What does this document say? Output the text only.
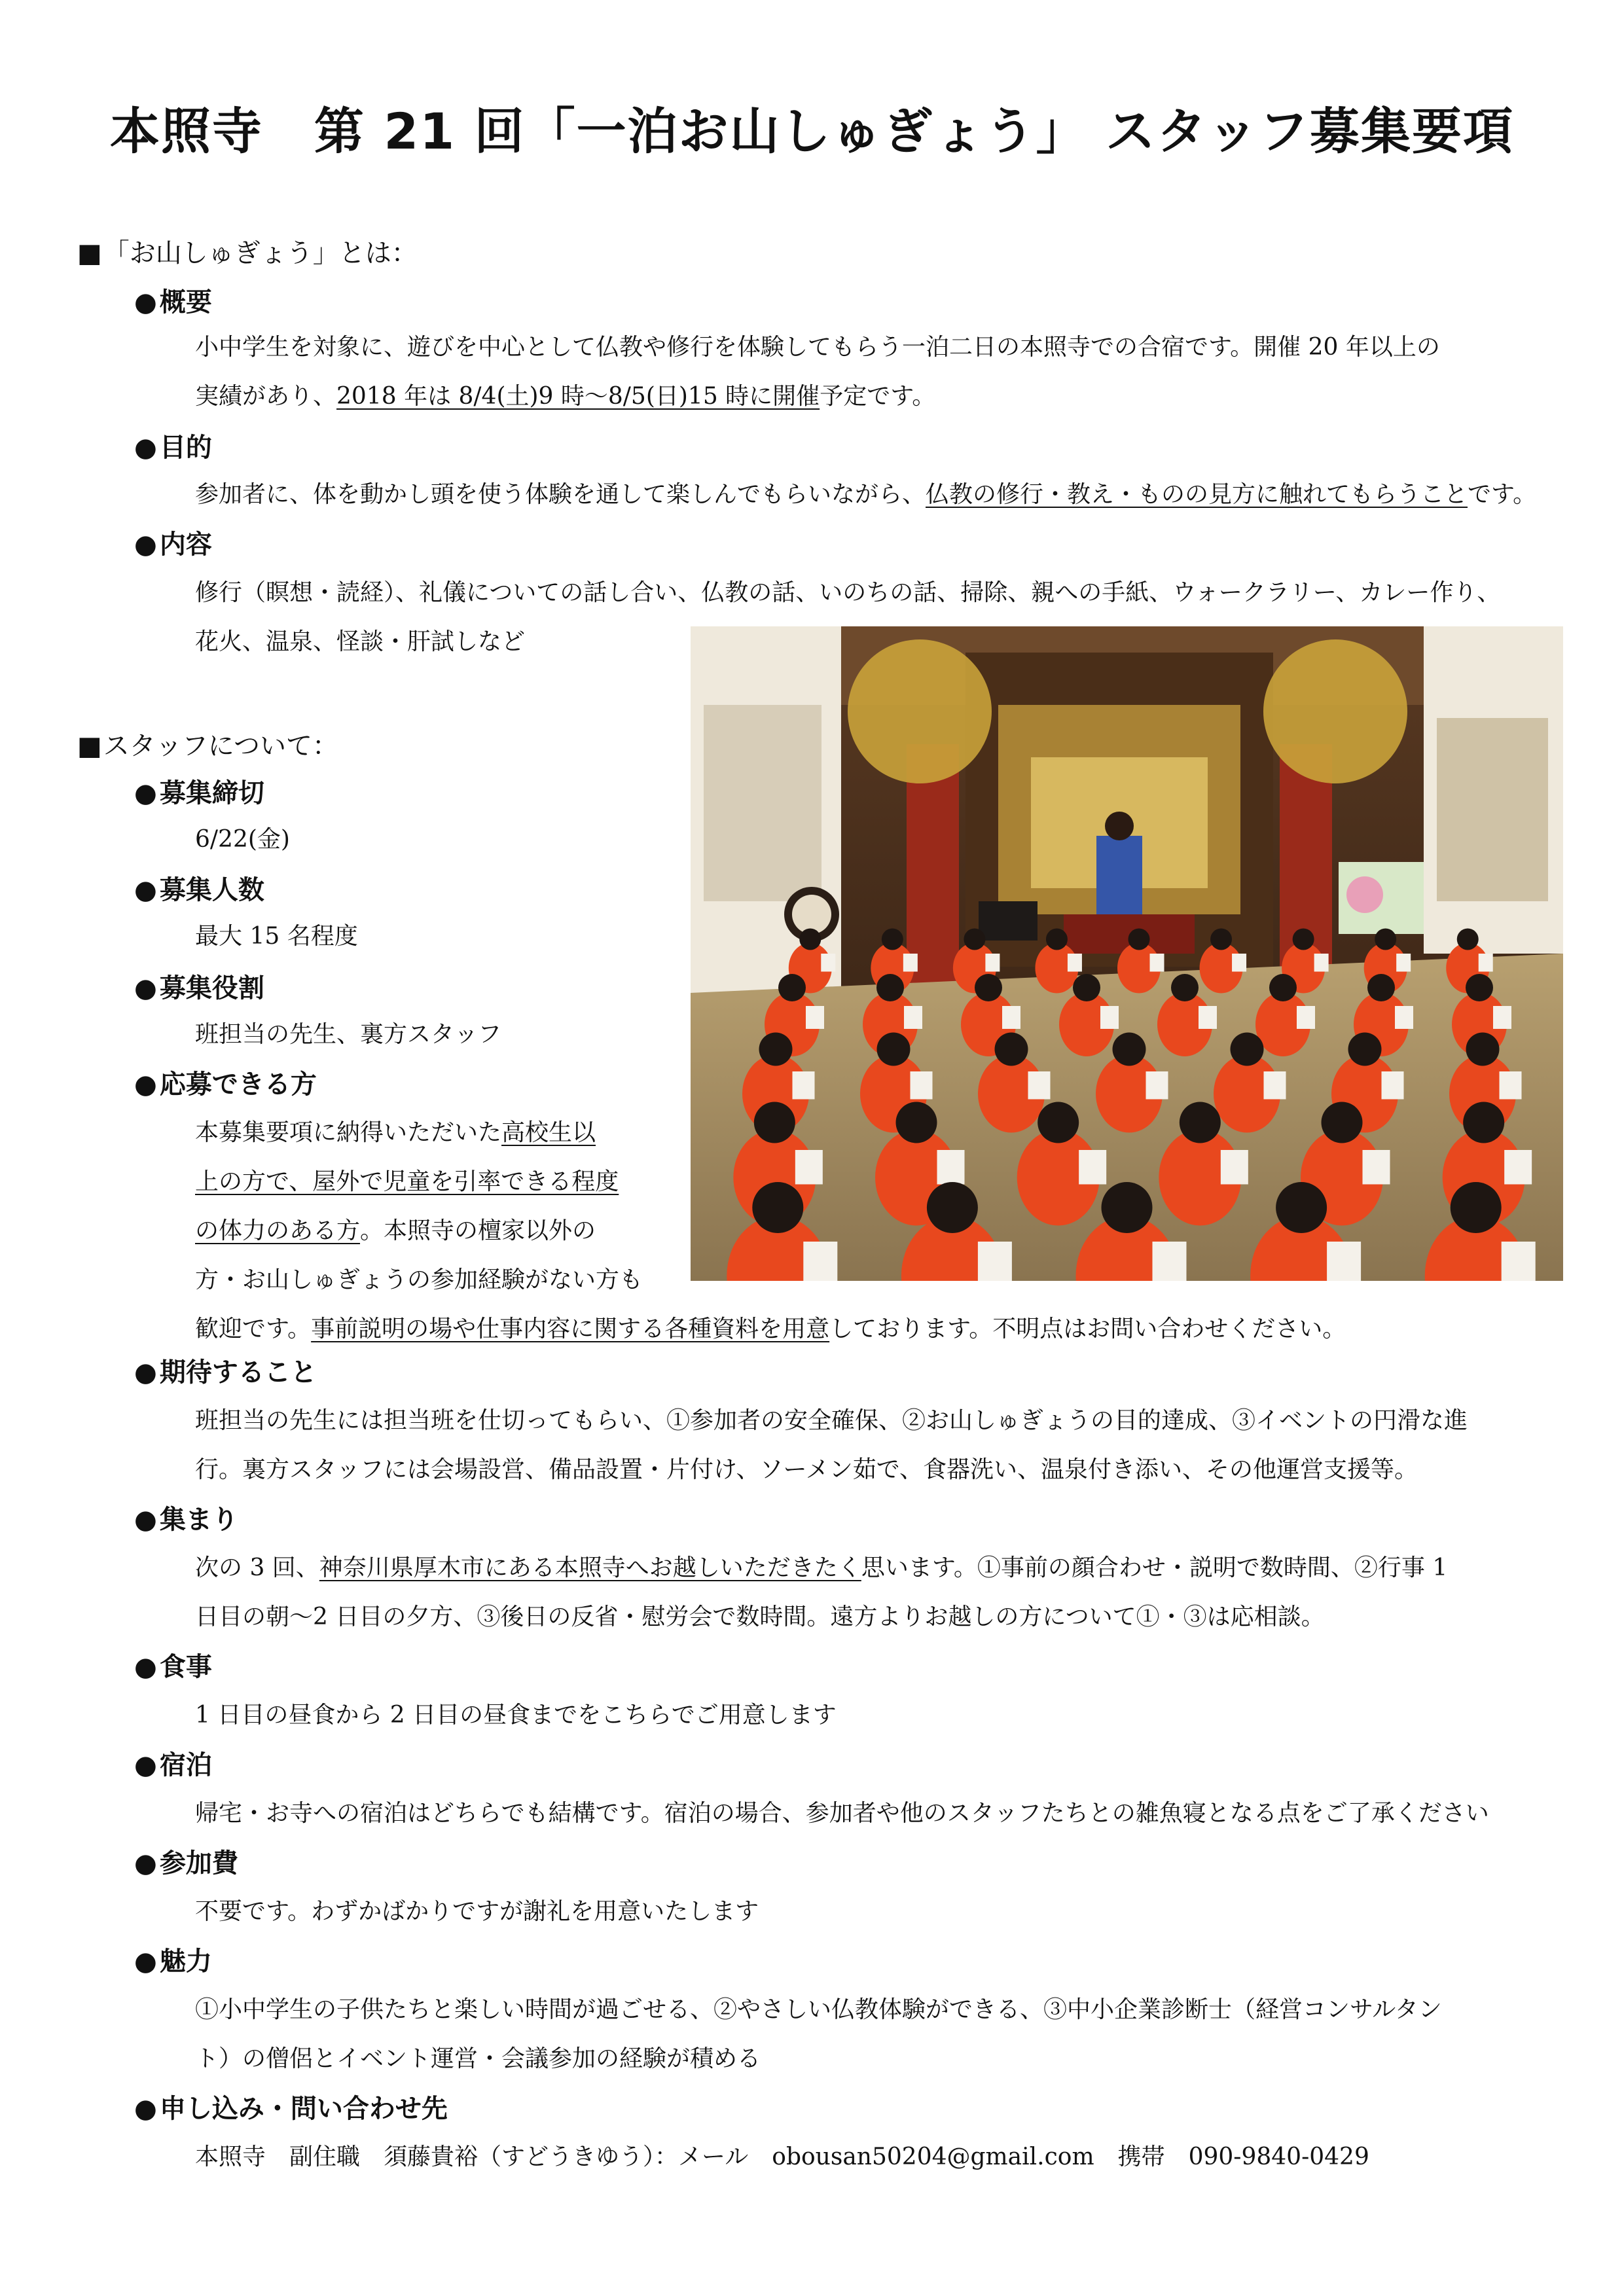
本照寺　第 21 回「一泊お山しゅぎょう」 スタッフ募集要項
■「お山しゅぎょう」とは：
● 概要
小中学生を対象に、遊びを中心として仏教や修行を体験してもらう一泊二日の本照寺での合宿です。開催 20 年以上の
実績があり、2018 年は 8/4(土)9 時～8/5(日)15 時に開催予定です。
● 目的
参加者に、体を動かし頭を使う体験を通して楽しんでもらいながら、仏教の修行・教え・ものの見方に触れてもらうことです。
● 内容
修行（瞑想・読経）、礼儀についての話し合い、仏教の話、いのちの話、掃除、親への手紙、ウォークラリー、カレー作り、
花火、温泉、怪談・肝試しなど
■スタッフについて：
● 募集締切
6/22(金)
● 募集人数
最大 15 名程度
● 募集役割
班担当の先生、裏方スタッフ
● 応募できる方
本募集要項に納得いただいた高校生以
上の方で、屋外で児童を引率できる程度
の体力のある方。本照寺の檀家以外の
方・お山しゅぎょうの参加経験がない方も
歓迎です。事前説明の場や仕事内容に関する各種資料を用意しております。不明点はお問い合わせください。
● 期待すること
班担当の先生には担当班を仕切ってもらい、①参加者の安全確保、②お山しゅぎょうの目的達成、③イベントの円滑な進
行。裏方スタッフには会場設営、備品設置・片付け、ソーメン茹で、食器洗い、温泉付き添い、その他運営支援等。
● 集まり
次の 3 回、神奈川県厚木市にある本照寺へお越しいただきたく思います。①事前の顔合わせ・説明で数時間、②行事 1
日目の朝～2 日目の夕方、③後日の反省・慰労会で数時間。遠方よりお越しの方について①・③は応相談。
● 食事
1 日目の昼食から 2 日目の昼食までをこちらでご用意します
● 宿泊
帰宅・お寺への宿泊はどちらでも結構です。宿泊の場合、参加者や他のスタッフたちとの雑魚寝となる点をご了承ください
● 参加費
不要です。わずかばかりですが謝礼を用意いたします
● 魅力
①小中学生の子供たちと楽しい時間が過ごせる、②やさしい仏教体験ができる、③中小企業診断士（経営コンサルタン
ト）の僧侶とイベント運営・会議参加の経験が積める
● 申し込み・問い合わせ先
本照寺　副住職　須藤貴裕（すどうきゆう）：メール　obousan50204@gmail.com　携帯　090-9840-0429
